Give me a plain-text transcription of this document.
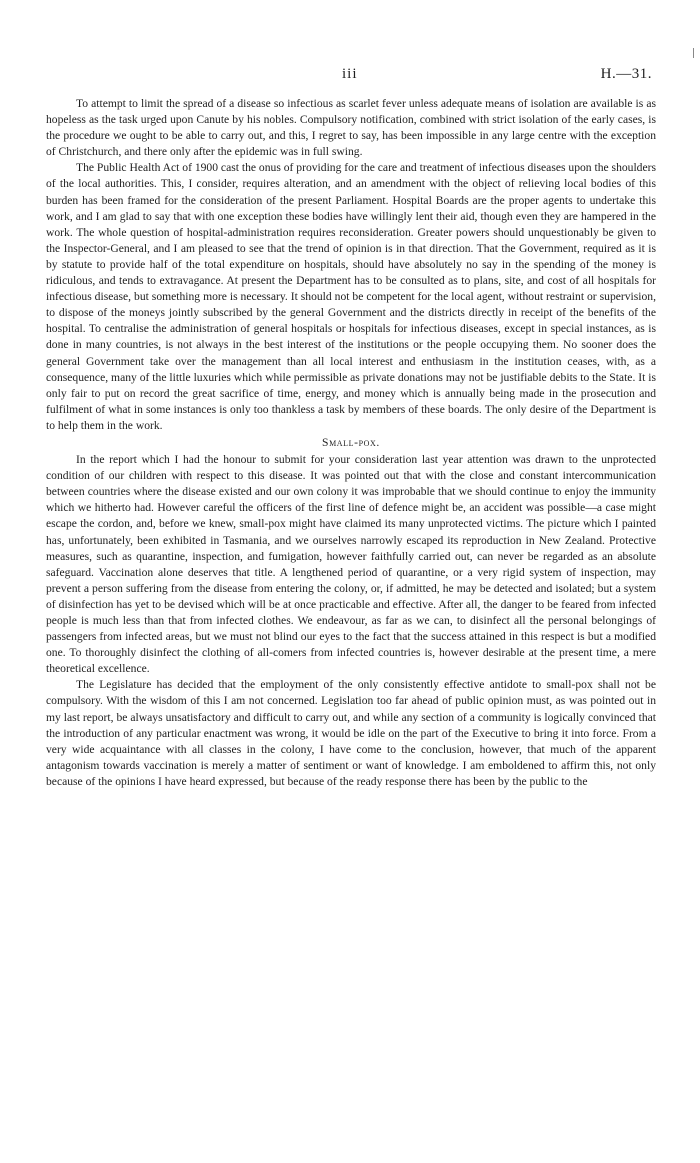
iii	H.—31.

To attempt to limit the spread of a disease so infectious as scarlet fever unless adequate means of isolation are available is as hopeless as the task urged upon Canute by his nobles. Compulsory notification, combined with strict isolation of the early cases, is the procedure we ought to be able to carry out, and this, I regret to say, has been impossible in any large centre with the exception of Christchurch, and there only after the epidemic was in full swing.

The Public Health Act of 1900 cast the onus of providing for the care and treatment of infectious diseases upon the shoulders of the local authorities. This, I consider, requires alteration, and an amendment with the object of relieving local bodies of this burden has been framed for the consideration of the present Parliament. Hospital Boards are the proper agents to undertake this work, and I am glad to say that with one exception these bodies have willingly lent their aid, though even they are hampered in the work. The whole question of hospital-administration requires reconsideration. Greater powers should unquestionably be given to the Inspector-General, and I am pleased to see that the trend of opinion is in that direction. That the Government, required as it is by statute to provide half of the total expenditure on hospitals, should have absolutely no say in the spending of the money is ridiculous, and tends to extravagance. At present the Department has to be consulted as to plans, site, and cost of all hospitals for infectious disease, but something more is necessary. It should not be competent for the local agent, without restraint or supervision, to dispose of the moneys jointly subscribed by the general Government and the districts directly in receipt of the benefits of the hospital. To centralise the administration of general hospitals or hospitals for infectious diseases, except in special instances, as is done in many countries, is not always in the best interest of the institutions or the people occupying them. No sooner does the general Government take over the management than all local interest and enthusiasm in the institution ceases, with, as a consequence, many of the little luxuries which while permissible as private donations may not be justifiable debits to the State. It is only fair to put on record the great sacrifice of time, energy, and money which is annually being made in the prosecution and fulfilment of what in some instances is only too thankless a task by members of these boards. The only desire of the Department is to help them in the work.

Small-pox.

In the report which I had the honour to submit for your consideration last year attention was drawn to the unprotected condition of our children with respect to this disease. It was pointed out that with the close and constant intercommunication between countries where the disease existed and our own colony it was improbable that we should continue to enjoy the immunity which we hitherto had. However careful the officers of the first line of defence might be, an accident was possible—a case might escape the cordon, and, before we knew, small-pox might have claimed its many unprotected victims. The picture which I painted has, unfortunately, been exhibited in Tasmania, and we ourselves narrowly escaped its reproduction in New Zealand. Protective measures, such as quarantine, inspection, and fumigation, however faithfully carried out, can never be regarded as an absolute safeguard. Vaccination alone deserves that title. A lengthened period of quarantine, or a very rigid system of inspection, may prevent a person suffering from the disease from entering the colony, or, if admitted, he may be detected and isolated; but a system of disinfection has yet to be devised which will be at once practicable and effective. After all, the danger to be feared from infected people is much less than that from infected clothes. We endeavour, as far as we can, to disinfect all the personal belongings of passengers from infected areas, but we must not blind our eyes to the fact that the success attained in this respect is but a modified one. To thoroughly disinfect the clothing of all-comers from infected countries is, however desirable at the present time, a mere theoretical excellence.

The Legislature has decided that the employment of the only consistently effective antidote to small-pox shall not be compulsory. With the wisdom of this I am not concerned. Legislation too far ahead of public opinion must, as was pointed out in my last report, be always unsatisfactory and difficult to carry out, and while any section of a community is logically convinced that the introduction of any particular enactment was wrong, it would be idle on the part of the Executive to bring it into force. From a very wide acquaintance with all classes in the colony, I have come to the conclusion, however, that much of the apparent antagonism towards vaccination is merely a matter of sentiment or want of knowledge. I am emboldened to affirm this, not only because of the opinions I have heard expressed, but because of the ready response there has been by the public to the
